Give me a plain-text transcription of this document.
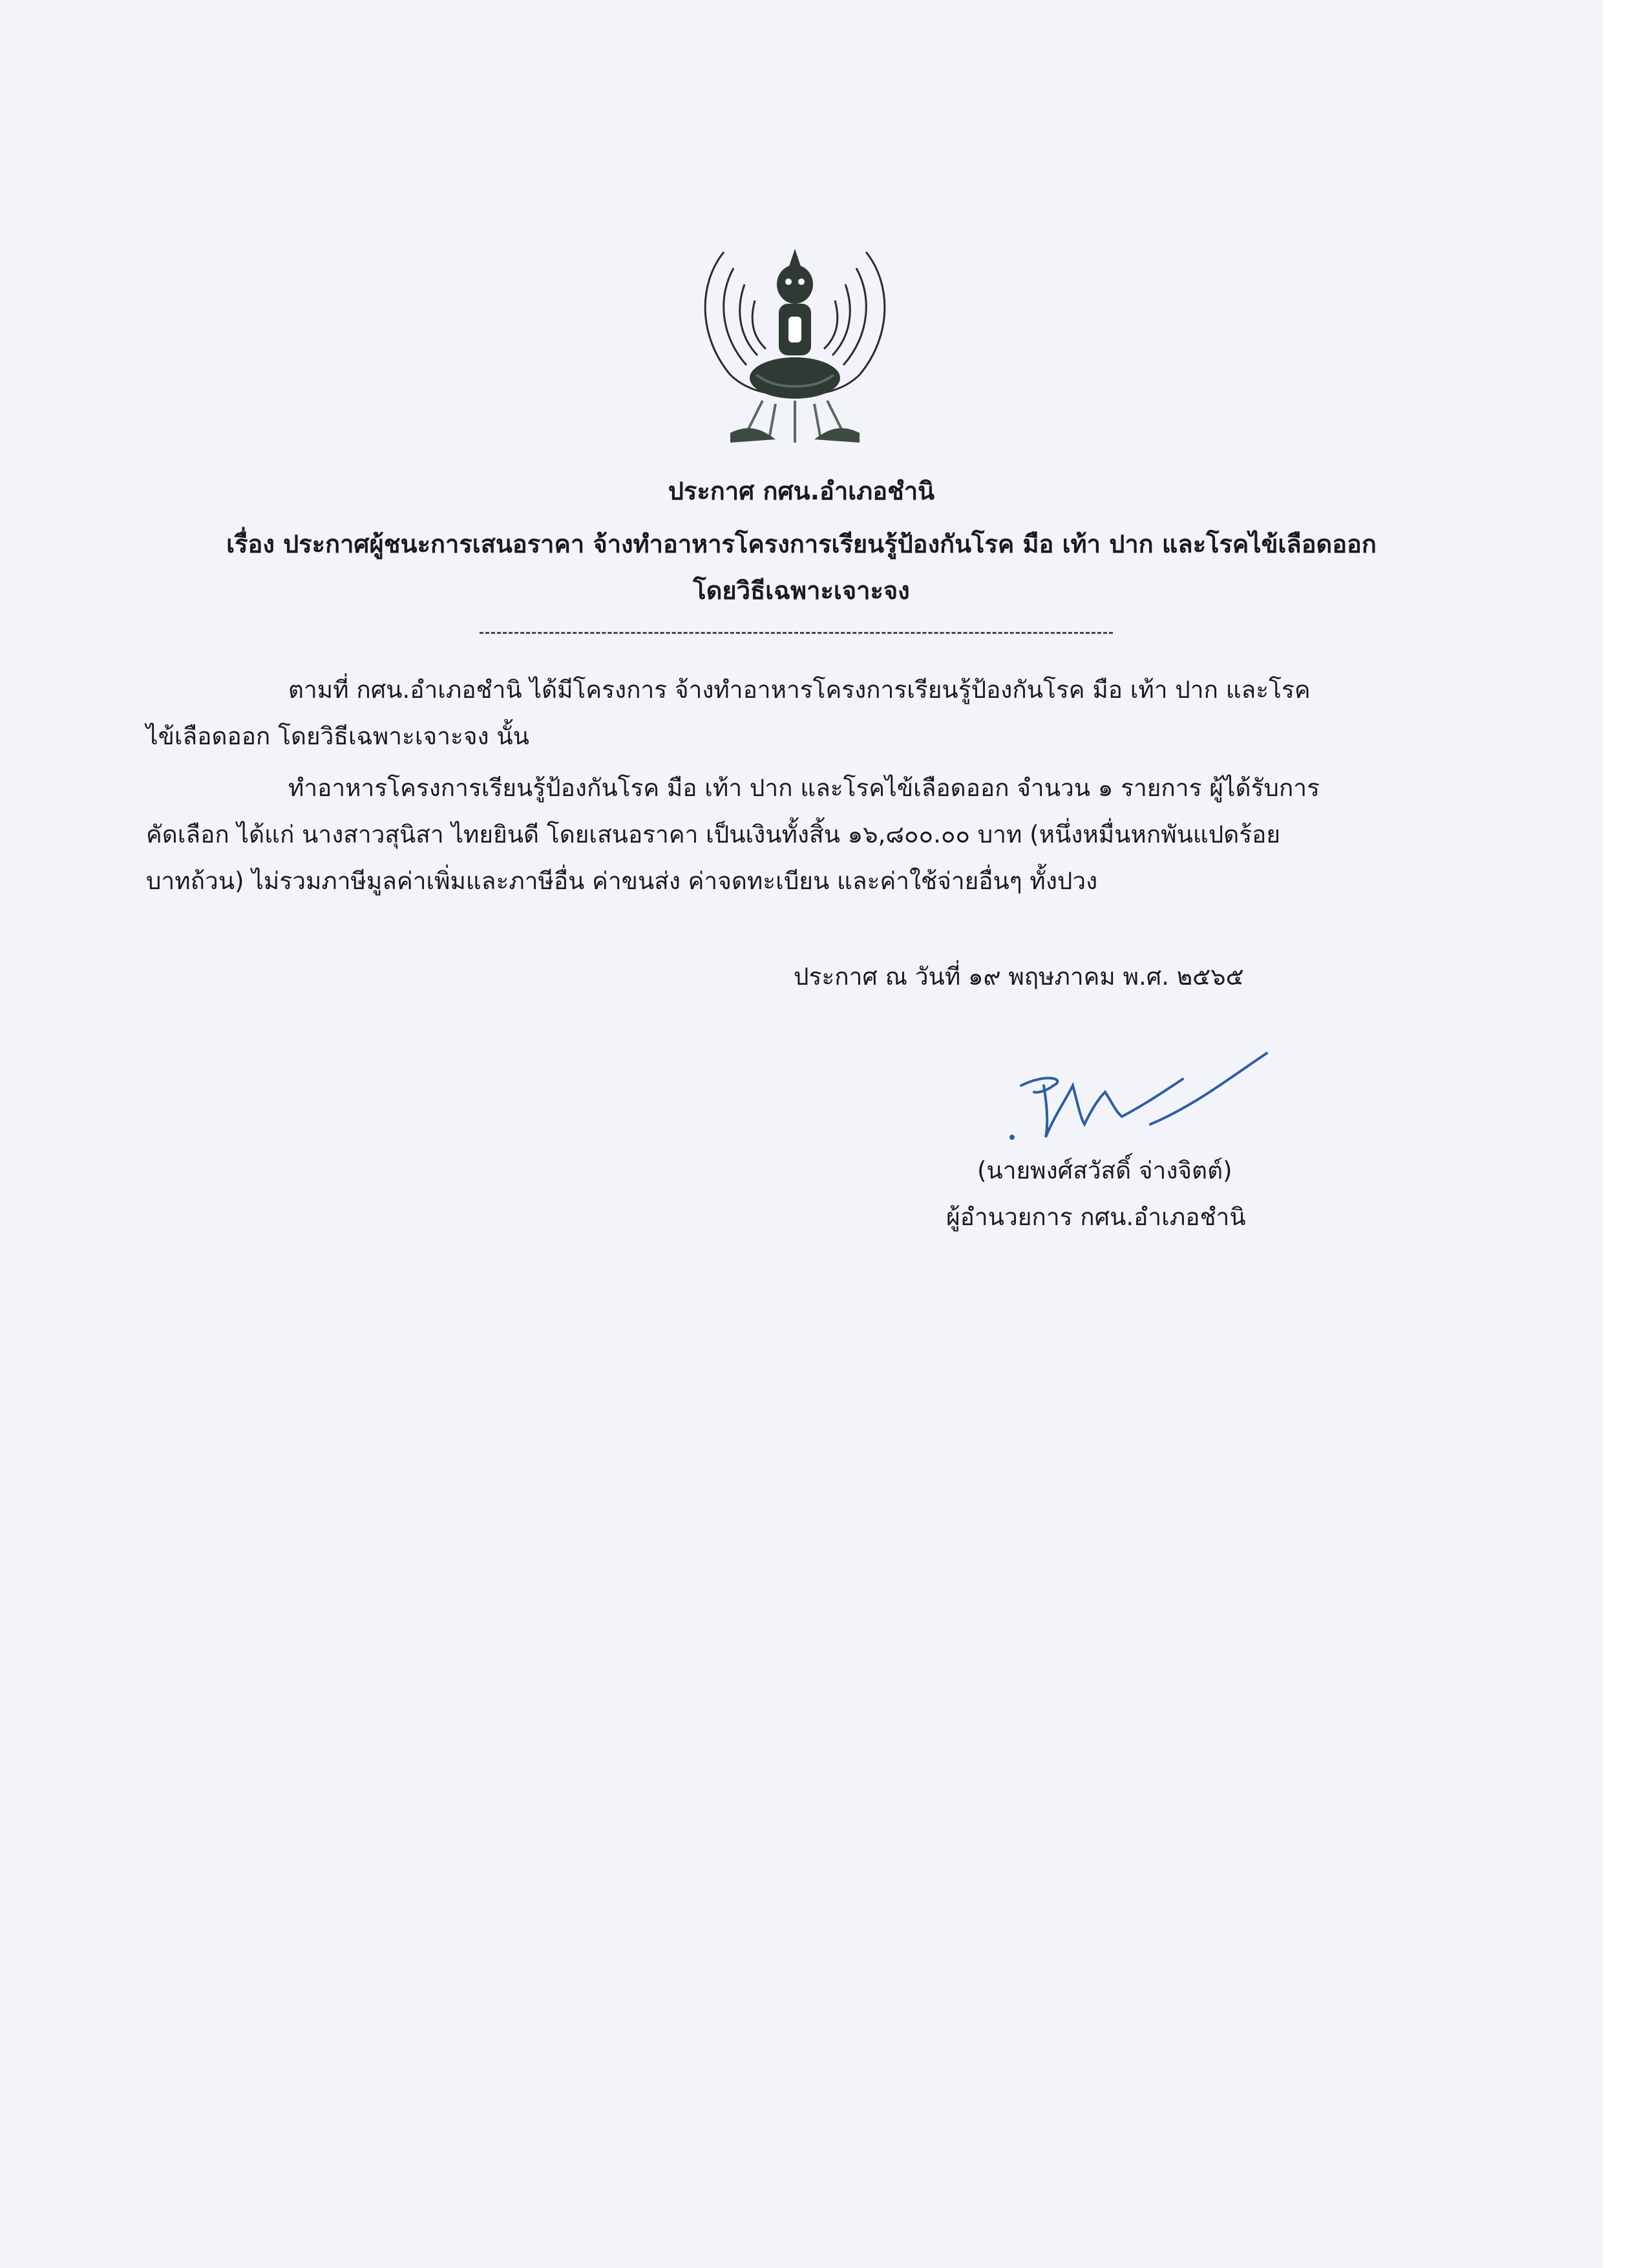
ประกาศ กศน.อำเภอชำนิ
เรื่อง ประกาศผู้ชนะการเสนอราคา จ้างทำอาหารโครงการเรียนรู้ป้องกันโรค มือ เท้า ปาก และโรคไข้เลือดออก
โดยวิธีเฉพาะเจาะจง
ตามที่ กศน.อำเภอชำนิ ได้มีโครงการ จ้างทำอาหารโครงการเรียนรู้ป้องกันโรค มือ เท้า ปาก และโรค
ไข้เลือดออก โดยวิธีเฉพาะเจาะจง นั้น
ทำอาหารโครงการเรียนรู้ป้องกันโรค มือ เท้า ปาก และโรคไข้เลือดออก จำนวน ๑ รายการ ผู้ได้รับการ
คัดเลือก ได้แก่ นางสาวสุนิสา ไทยยินดี โดยเสนอราคา เป็นเงินทั้งสิ้น ๑๖,๘๐๐.๐๐ บาท (หนึ่งหมื่นหกพันแปดร้อย
บาทถ้วน) ไม่รวมภาษีมูลค่าเพิ่มและภาษีอื่น ค่าขนส่ง ค่าจดทะเบียน และค่าใช้จ่ายอื่นๆ ทั้งปวง
ประกาศ ณ วันที่ ๑๙ พฤษภาคม พ.ศ. ๒๕๖๕
(นายพงศ์สวัสดิ์ จ่างจิตต์)
ผู้อำนวยการ กศน.อำเภอชำนิ
